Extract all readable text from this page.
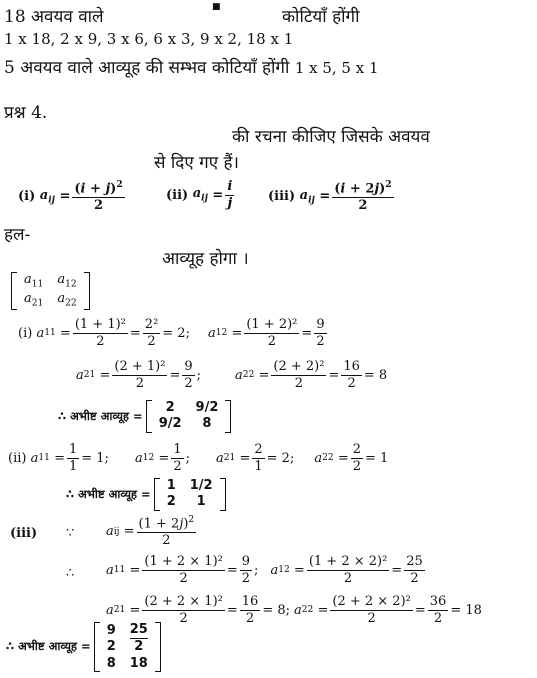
18 अवयव वाले	■	कोटियाँ होंगी
1 x 18, 2 x 9, 3 x 6, 6 x 3, 9 x 2, 18 x 1
5 अवयव वाले आव्यूह की सम्भव कोटियाँ होंगी 1 x 5, 5 x 1
प्रश्न 4.
की रचना कीजिए जिसके अवयव
से दिए गए हैं।
(i)
$a_{ij} = \frac{(i + j)^2}{2}$	(ii)
$a_{ij} = \frac{i}{j}$	(iii)
$a_{ij} = \frac{(i + 2j)^2}{2}$
हल-
आव्यूह होगा ।
$a_{11}$	$a_{12}$
$a_{21}$	$a_{22}$
(i)
a $11 = \frac{\text{(1 + 1)²}}{2} = \frac{\text{2²}}{2} = 2$; a $12 = \frac{\text{(1 + 2)²}}{2} = \frac{9}{2}$
a $21 = \frac{\text{(2 + 1)²}}{2} = \frac{9}{2}$ ;	a $22 = \frac{\text{(2 + 2)²}}{2} = \frac{16}{2} = 8$
∴ अभीष्ट आव्यूह =
2	9/2
9/2	8
(ii)
a $11 = \frac{1}{1} = 1$; a $12 = \frac{1}{2}$ ; a $21 = \frac{2}{1} = 2$; a $22 = \frac{2}{2} = 1$
∴ अभीष्ट आव्यूह =
1	1/2
2	1
(iii) ∵ a ij = $\frac{(1 + 2j)^2}{2}$
∴ a $11 = \frac{\text{(1 + 2 × 1)²}}{2} = \frac{9}{2}$ ; a $12 = \frac{\text{(1 + 2 × 2)²}}{2} = \frac{25}{2}$
a $21 = \frac{\text{(2 + 2 × 1)²}}{2} = \frac{16}{2} = 8$; a $22 = \frac{\text{(2 + 2 × 2)²}}{2} = \frac{36}{2} = 18$
∴ अभीष्ट आव्यूह =
9	25
2	2
8	18
